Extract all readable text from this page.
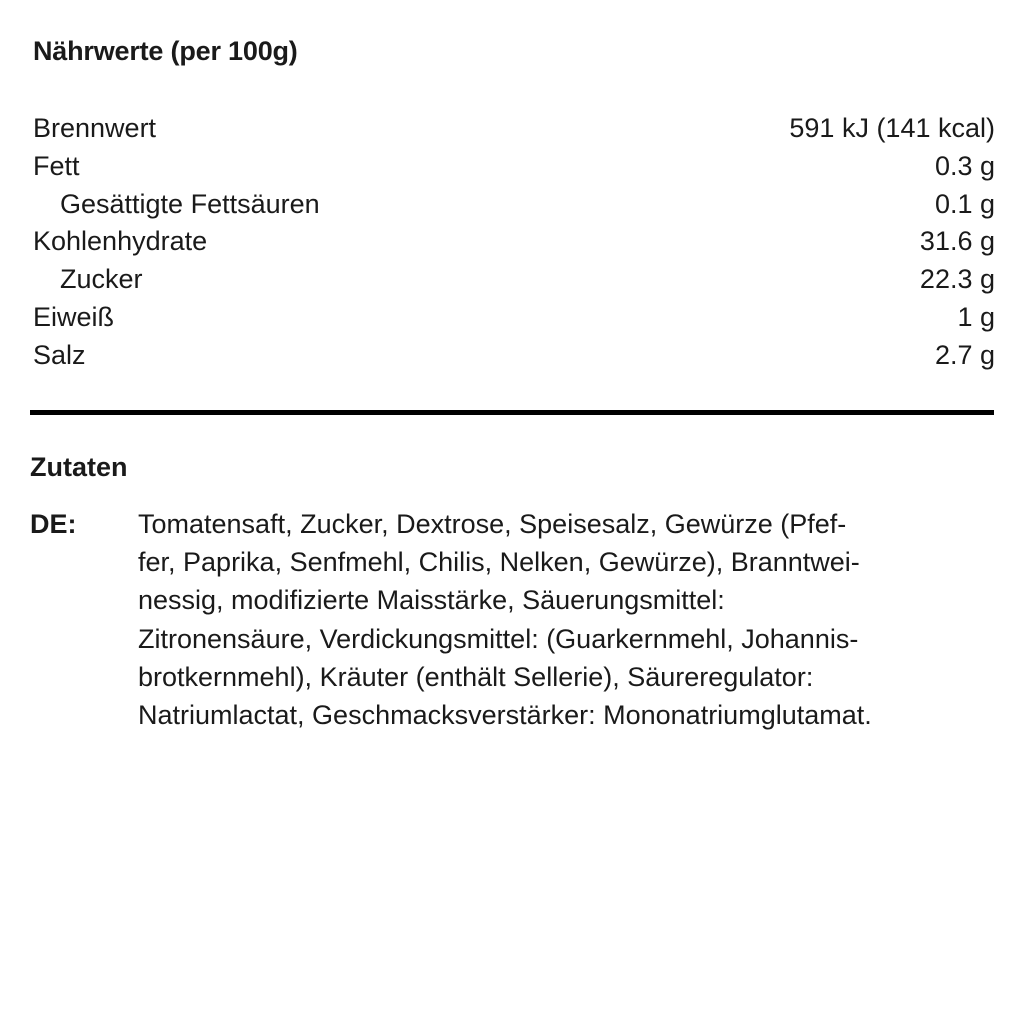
Nährwerte (per 100g)
Brennwert	591 kJ (141 kcal)
Fett	0.3 g
Gesättigte Fettsäuren	0.1 g
Kohlenhydrate	31.6 g
Zucker	22.3 g
Eiweiß	1 g
Salz	2.7 g
Zutaten
DE: Tomatensaft, Zucker, Dextrose, Speisesalz, Gewürze (Pfef-
fer, Paprika, Senfmehl, Chilis, Nelken, Gewürze), Branntwei-
nessig, modifizierte Maisstärke, Säuerungsmittel:
Zitronensäure, Verdickungsmittel: (Guarkernmehl, Johannis-
brotkernmehl), Kräuter (enthält Sellerie), Säureregulator:
Natriumlactat, Geschmacksverstärker: Mononatriumglutamat.
